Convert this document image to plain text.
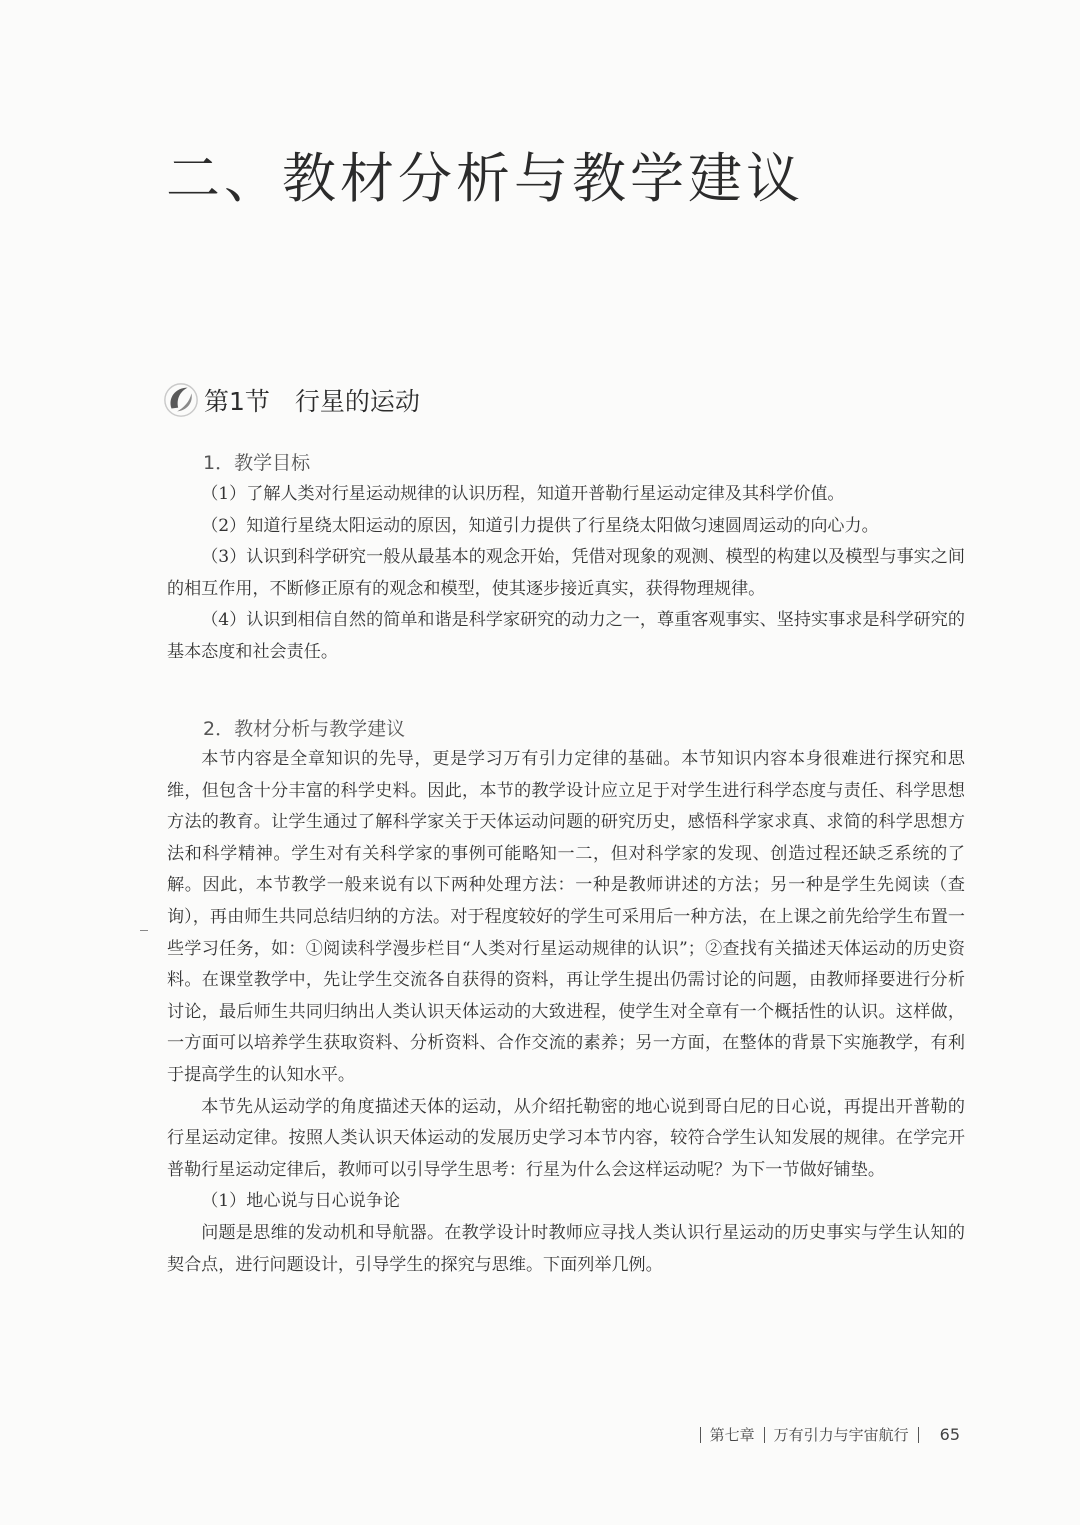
二、教材分析与教学建议
第1节　行星的运动
1．教学目标

（1）了解人类对行星运动规律的认识历程，知道开普勒行星运动定律及其科学价值。

（2）知道行星绕太阳运动的原因，知道引力提供了行星绕太阳做匀速圆周运动的向心力。

（3）认识到科学研究一般从最基本的观念开始，凭借对现象的观测、模型的构建以及模型与事实之间的相互作用，不断修正原有的观念和模型，使其逐步接近真实，获得物理规律。

（4）认识到相信自然的简单和谐是科学家研究的动力之一，尊重客观事实、坚持实事求是科学研究的基本态度和社会责任。

2．教材分析与教学建议

本节内容是全章知识的先导，更是学习万有引力定律的基础。本节知识内容本身很难进行探究和思维，但包含十分丰富的科学史料。因此，本节的教学设计应立足于对学生进行科学态度与责任、科学思想方法的教育。让学生通过了解科学家关于天体运动问题的研究历史，感悟科学家求真、求简的科学思想方法和科学精神。学生对有关科学家的事例可能略知一二，但对科学家的发现、创造过程还缺乏系统的了解。因此，本节教学一般来说有以下两种处理方法：一种是教师讲述的方法；另一种是学生先阅读（查询），再由师生共同总结归纳的方法。对于程度较好的学生可采用后一种方法，在上课之前先给学生布置一些学习任务，如：①阅读科学漫步栏目“人类对行星运动规律的认识”；②查找有关描述天体运动的历史资料。在课堂教学中，先让学生交流各自获得的资料，再让学生提出仍需讨论的问题，由教师择要进行分析讨论，最后师生共同归纳出人类认识天体运动的大致进程，使学生对全章有一个概括性的认识。这样做，一方面可以培养学生获取资料、分析资料、合作交流的素养；另一方面，在整体的背景下实施教学，有利于提高学生的认知水平。

本节先从运动学的角度描述天体的运动，从介绍托勒密的地心说到哥白尼的日心说，再提出开普勒的行星运动定律。按照人类认识天体运动的发展历史学习本节内容，较符合学生认知发展的规律。在学完开普勒行星运动定律后，教师可以引导学生思考：行星为什么会这样运动呢？为下一节做好铺垫。

（1）地心说与日心说争论

问题是思维的发动机和导航器。在教学设计时教师应寻找人类认识行星运动的历史事实与学生认知的契合点，进行问题设计，引导学生的探究与思维。下面列举几例。

第七章 万有引力与宇宙航行 65
